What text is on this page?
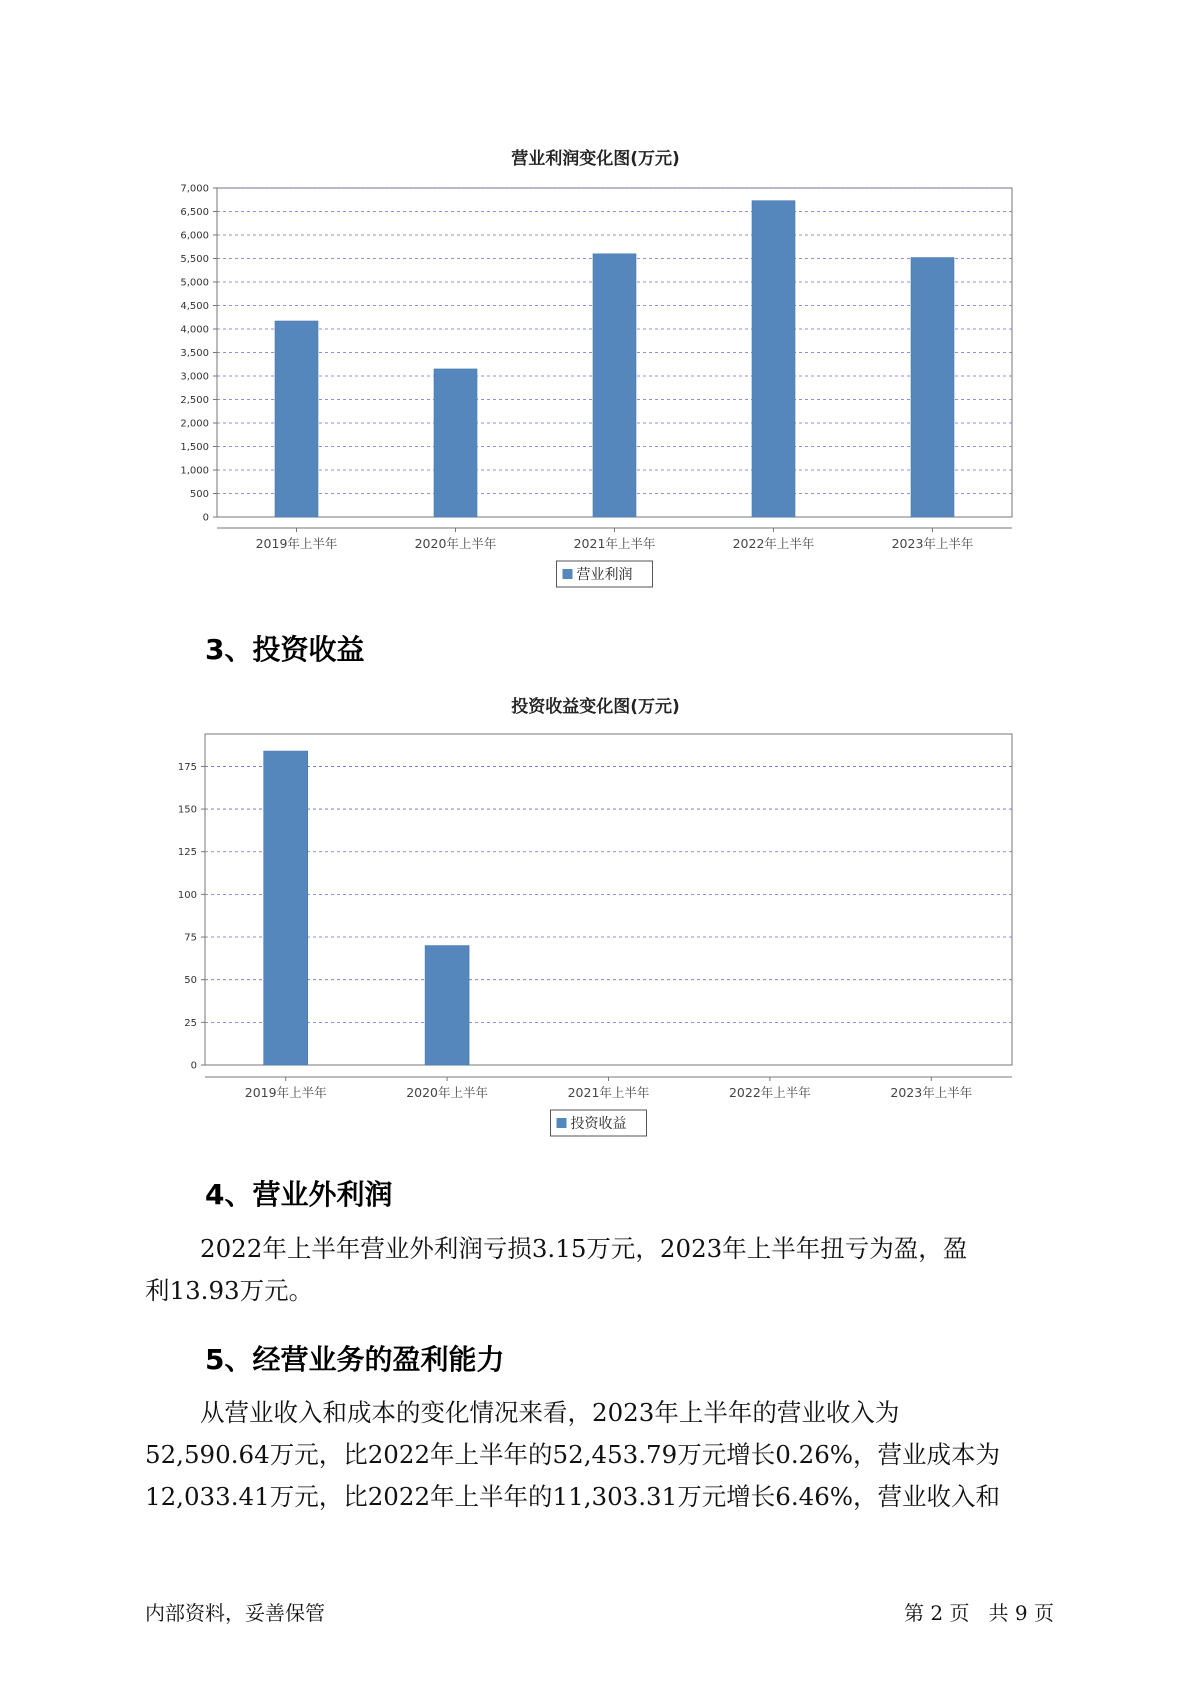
营业利润变化图(万元)
0
500
1,000
1,500
2,000
2,500
3,000
3,500
4,000
4,500
5,000
5,500
6,000
6,500
7,000
2019年上半年	2020年上半年	2021年上半年	2022年上半年	2023年上半年
营业利润
3、投资收益
投资收益变化图(万元)
0
25
50
75
100
125
150
175
2019年上半年	2020年上半年	2021年上半年	2022年上半年	2023年上半年
投资收益
4、营业外利润
2022年上半年营业外利润亏损3.15万元，2023年上半年扭亏为盈，盈
利13.93万元。
5、经营业务的盈利能力
从营业收入和成本的变化情况来看，2023年上半年的营业收入为
52,590.64万元，比2022年上半年的52,453.79万元增长0.26%，营业成本为
12,033.41万元，比2022年上半年的11,303.31万元增长6.46%，营业收入和
内部资料，妥善保管	第 2 页   共 9 页
